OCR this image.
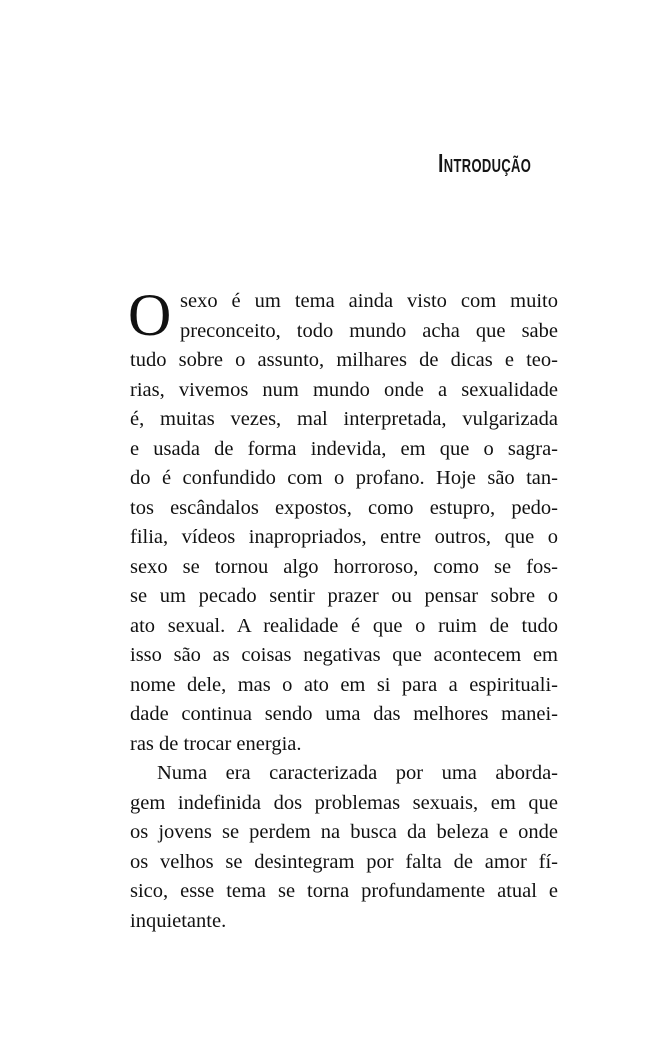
Introdução
O sexo é um tema ainda visto com muito
preconceito, todo mundo acha que sabe
tudo sobre o assunto, milhares de dicas e teo-
rias, vivemos num mundo onde a sexualidade
é, muitas vezes, mal interpretada, vulgarizada
e usada de forma indevida, em que o sagra-
do é confundido com o profano. Hoje são tan-
tos escândalos expostos, como estupro, pedo-
filia, vídeos inapropriados, entre outros, que o
sexo se tornou algo horroroso, como se fos-
se um pecado sentir prazer ou pensar sobre o
ato sexual. A realidade é que o ruim de tudo
isso são as coisas negativas que acontecem em
nome dele, mas o ato em si para a espirituali-
dade continua sendo uma das melhores manei-
ras de trocar energia.
Numa era caracterizada por uma aborda-
gem indefinida dos problemas sexuais, em que
os jovens se perdem na busca da beleza e onde
os velhos se desintegram por falta de amor fí-
sico, esse tema se torna profundamente atual e
inquietante.
